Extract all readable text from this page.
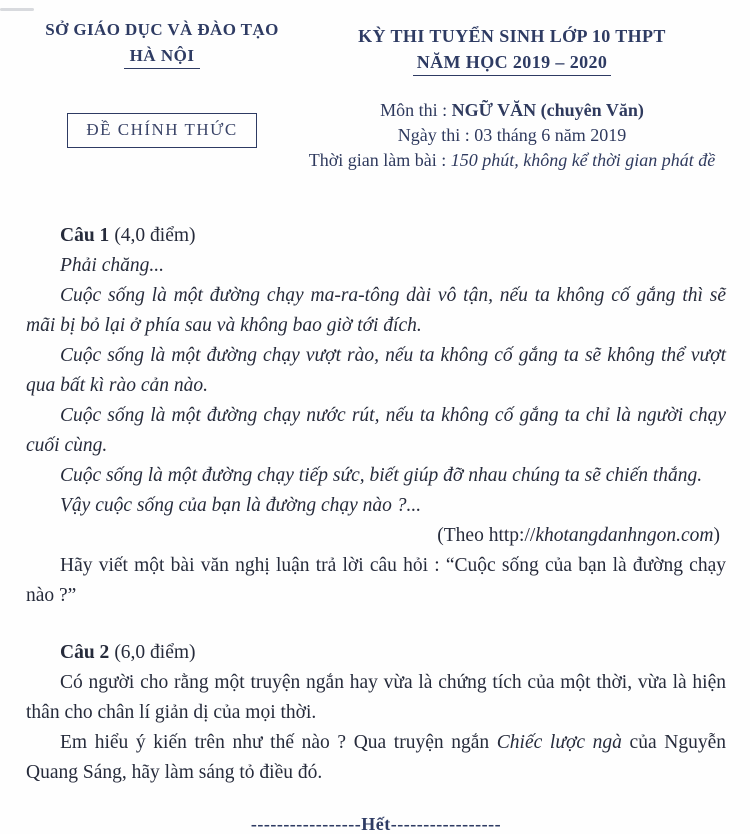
SỞ GIÁO DỤC VÀ ĐÀO TẠO
HÀ NỘI
ĐỀ CHÍNH THỨC
KỲ THI TUYỂN SINH LỚP 10 THPT
NĂM HỌC 2019 – 2020
Môn thi : NGỮ VĂN (chuyên Văn)
Ngày thi : 03 tháng 6 năm 2019
Thời gian làm bài : 150 phút, không kể thời gian phát đề
Câu 1 (4,0 điểm)
Phải chăng...

Cuộc sống là một đường chạy ma-ra-tông dài vô tận, nếu ta không cố gắng thì sẽ mãi bị bỏ lại ở phía sau và không bao giờ tới đích.

Cuộc sống là một đường chạy vượt rào, nếu ta không cố gắng ta sẽ không thể vượt qua bất kì rào cản nào.

Cuộc sống là một đường chạy nước rút, nếu ta không cố gắng ta chỉ là người chạy cuối cùng.

Cuộc sống là một đường chạy tiếp sức, biết giúp đỡ nhau chúng ta sẽ chiến thắng.

Vậy cuộc sống của bạn là đường chạy nào ?...

(Theo http://khotangdanhngon.com)

Hãy viết một bài văn nghị luận trả lời câu hỏi : “Cuộc sống của bạn là đường chạy nào ?”

Câu 2 (6,0 điểm)

Có người cho rằng một truyện ngắn hay vừa là chứng tích của một thời, vừa là hiện thân cho chân lí giản dị của mọi thời.

Em hiểu ý kiến trên như thế nào ? Qua truyện ngắn Chiếc lược ngà của Nguyễn Quang Sáng, hãy làm sáng tỏ điều đó.

-----------------Hết-----------------
